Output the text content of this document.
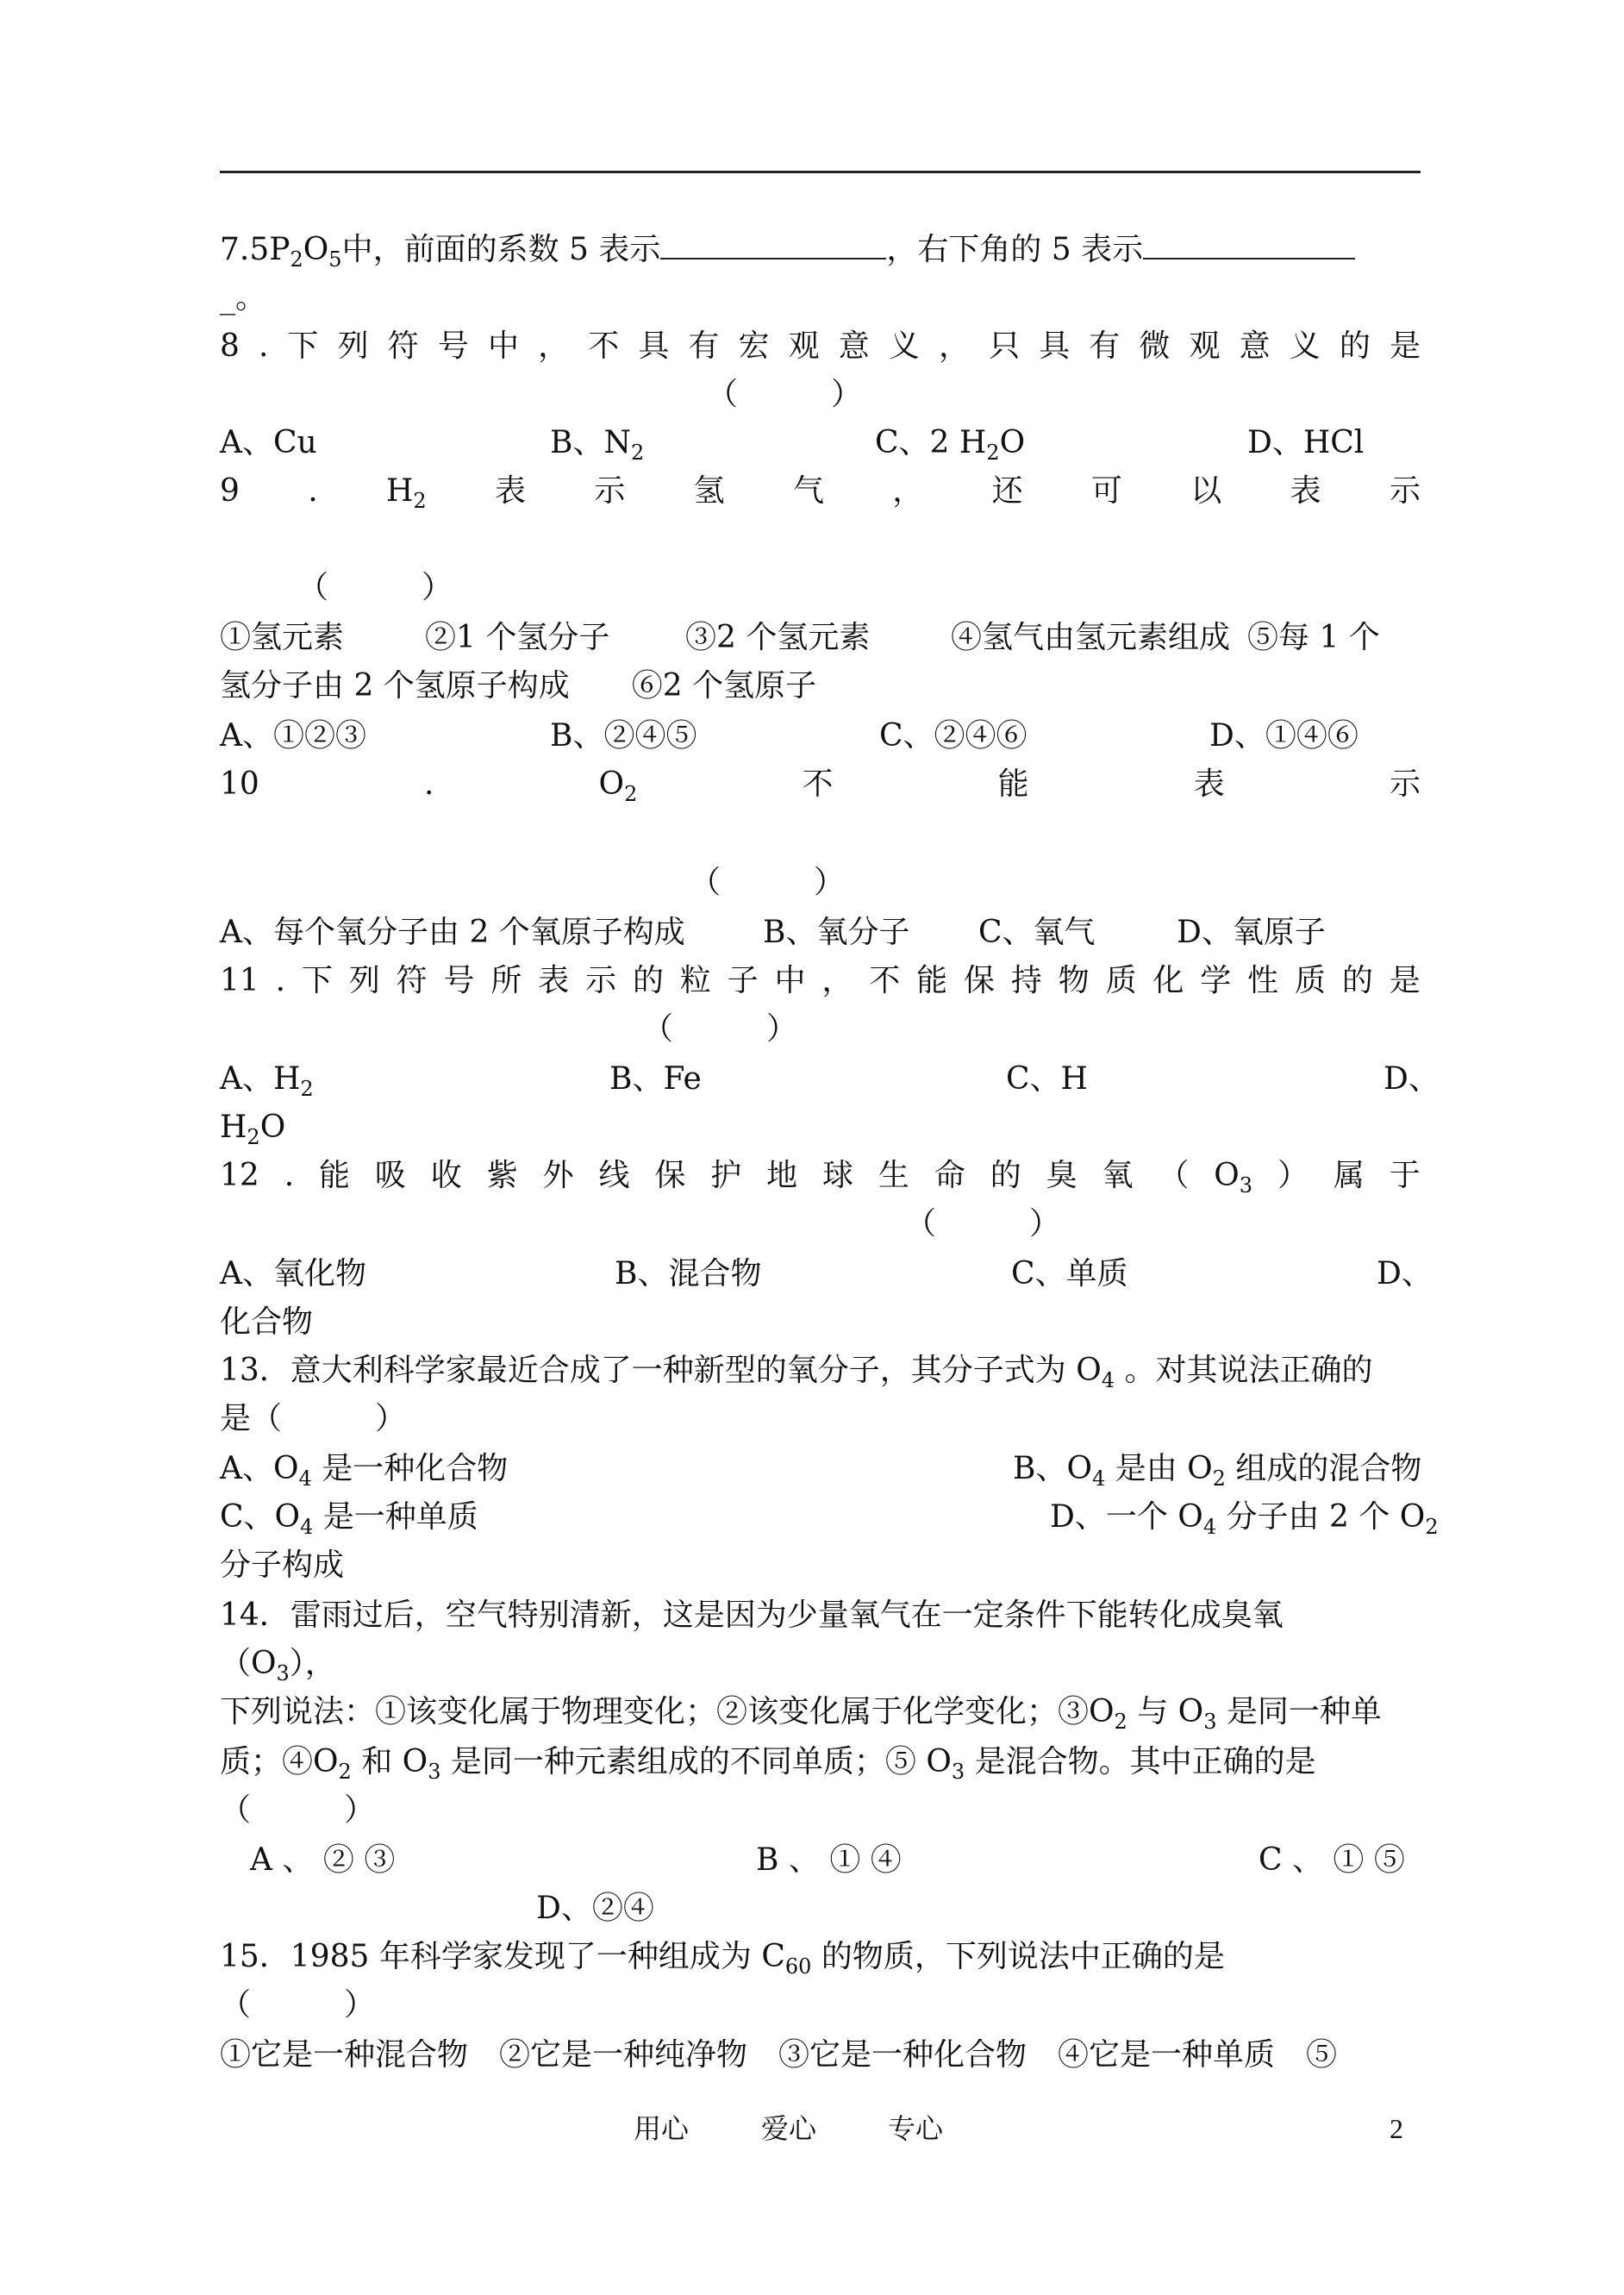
$7.5P_2O_5$中，前面的系数 5 表示	，右下角的 5 表示
_。
8 . 下 列 符 号 中 ， 不 具 有 宏 观 意 义 ， 只 具 有 微 观 意 义 的 是
（　　　）
A、Cu	B、$N_2$	C、2 $H_2O$	D、HCl
9 . $H_2$ 表 示 氢 气 ， 还 可 以 表 示
（　　　）
①氢元素	②1 个氢分子 ③2 个氢元素	④氢气由氢元素组成 ⑤每 1 个
氢分子由 2 个氢原子构成　　⑥2 个氢原子
A、①②③	B、②④⑤	C、②④⑥	D、①④⑥
10	.	$O_2$	不	能	表	示
（　　　）
A、每个氧分子由 2 个氧原子构成	B、氧分子 C、氧气	D、氧原子
11 . 下 列 符 号 所 表 示 的 粒 子 中 ， 不 能 保 持 物 质 化 学 性 质 的 是
（　　　）
A、$H_2$	B、Fe	C、H	D、
$H_2O$
12 . 能 吸 收 紫 外 线 保 护 地 球 生 命 的 臭 氧 （ $O_3$ ） 属 于
（　　　）
A、氧化物	B、混合物	C、单质	D、
化合物
13．意大利科学家最近合成了一种新型的氧分子，其分子式为 $O_4$ 。对其说法正确的
是（　　　）
A、$O_4$ 是一种化合物	B、$O_4$ 是由 $O_2$ 组成的混合物
C、$O_4$ 是一种单质	D、一个 $O_4$ 分子由 2 个 $O_2$
分子构成
14．雷雨过后，空气特别清新，这是因为少量氧气在一定条件下能转化成臭氧
$(O_3)$，
下列说法：①该变化属于物理变化；②该变化属于化学变化；$③O_2$ 与 $O_3$ 是同一种单
质；$④O_2$ 和 $O_3$ 是同一种元素组成的不同单质；⑤ $O_3$ 是混合物。其中正确的是
（　　　）
A 、 ② ③	B 、 ① ④	C 、 ① ⑤
D、②④
15．1985 年科学家发现了一种组成为 $C_{60}$ 的物质，下列说法中正确的是
（　　　）
①它是一种混合物　②它是一种纯净物　③它是一种化合物　④它是一种单质　⑤
用心	爱心	专心	2
